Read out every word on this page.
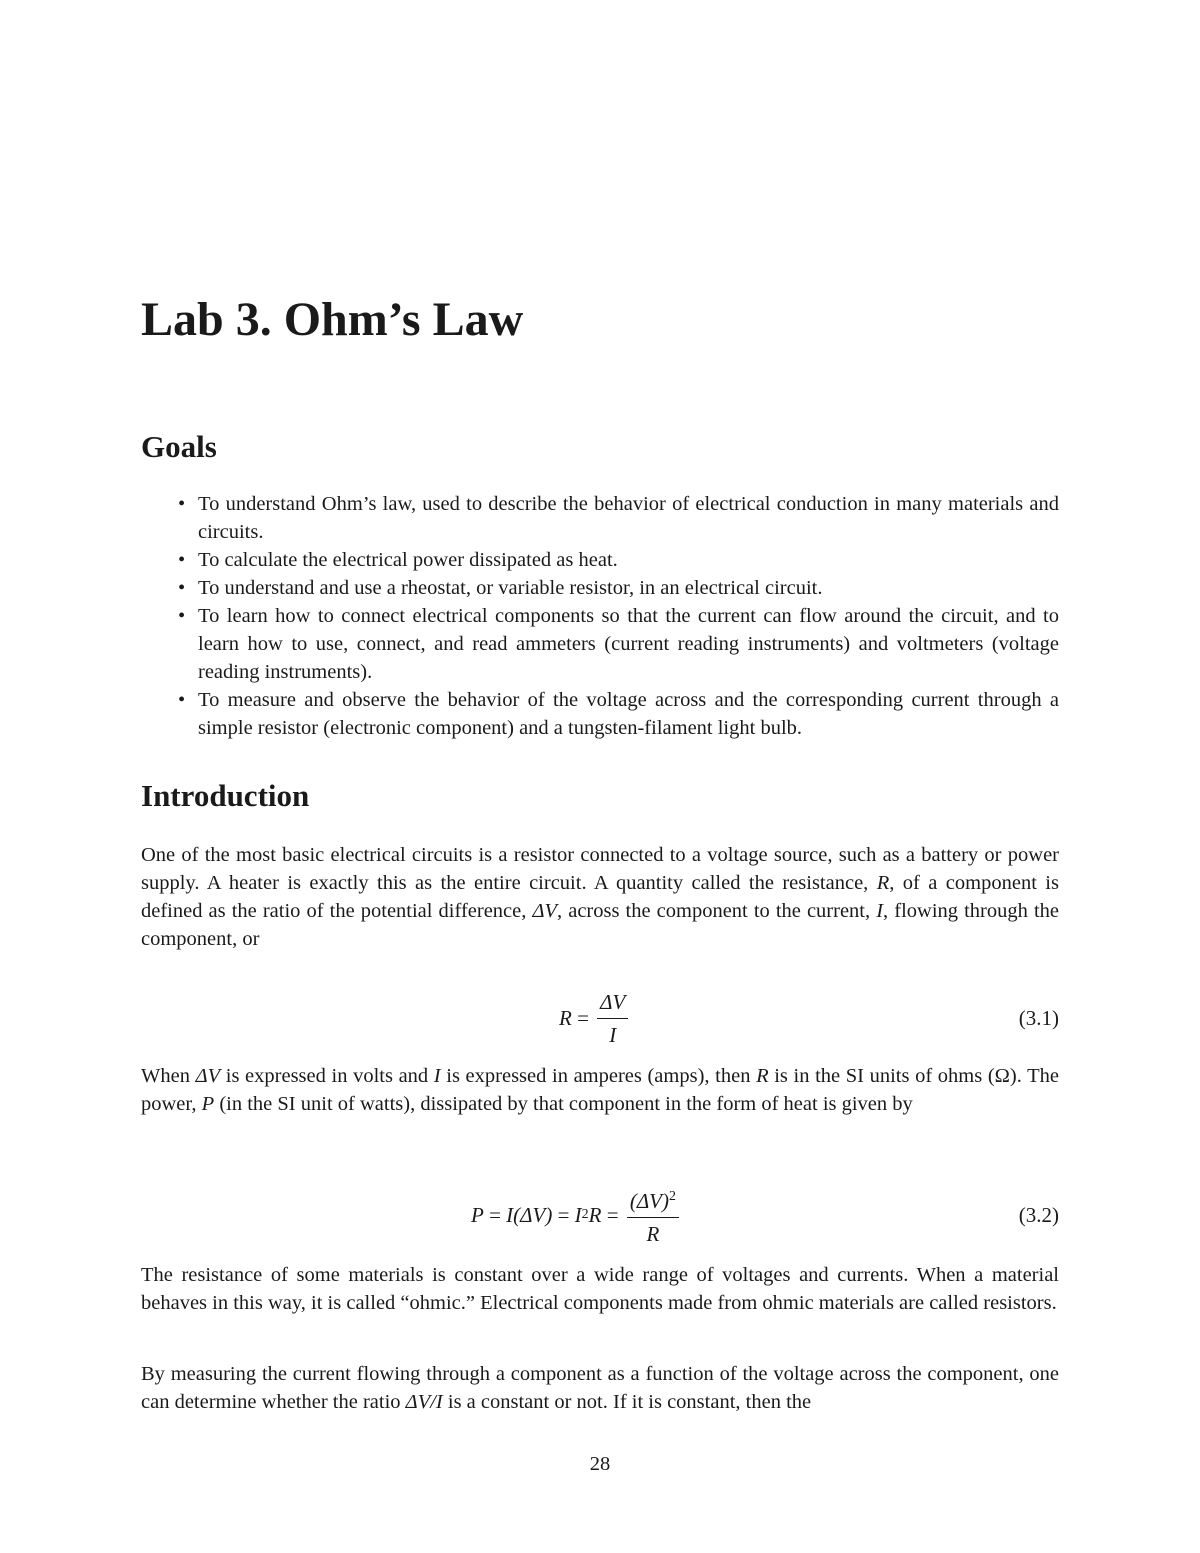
Lab 3. Ohm’s Law
Goals
• To understand Ohm’s law, used to describe the behavior of electrical conduction in many materials and circuits.
• To calculate the electrical power dissipated as heat.
• To understand and use a rheostat, or variable resistor, in an electrical circuit.
• To learn how to connect electrical components so that the current can flow around the circuit, and to learn how to use, connect, and read ammeters (current reading instruments) and voltmeters (voltage reading instruments).
• To measure and observe the behavior of the voltage across and the corresponding current through a simple resistor (electronic component) and a tungsten-filament light bulb.
Introduction

One of the most basic electrical circuits is a resistor connected to a voltage source, such as a battery or power supply. A heater is exactly this as the entire circuit. A quantity called the resistance, R, of a component is defined as the ratio of the potential difference, ΔV, across the component to the current, I, flowing through the component, or

$R = \frac{\Delta V}{I}$	(3.1)

When ΔV is expressed in volts and I is expressed in amperes (amps), then R is in the SI units of ohms (Ω). The power, P (in the SI unit of watts), dissipated by that component in the form of heat is given by

P = I (ΔV) = I 2 $R = \frac{(\Delta V)^2}{R}$	(3.2)

The resistance of some materials is constant over a wide range of voltages and currents. When a material behaves in this way, it is called “ohmic.” Electrical components made from ohmic materials are called resistors.

By measuring the current flowing through a component as a function of the voltage across the component, one can determine whether the ratio ΔV/I is a constant or not. If it is constant, then the

28
